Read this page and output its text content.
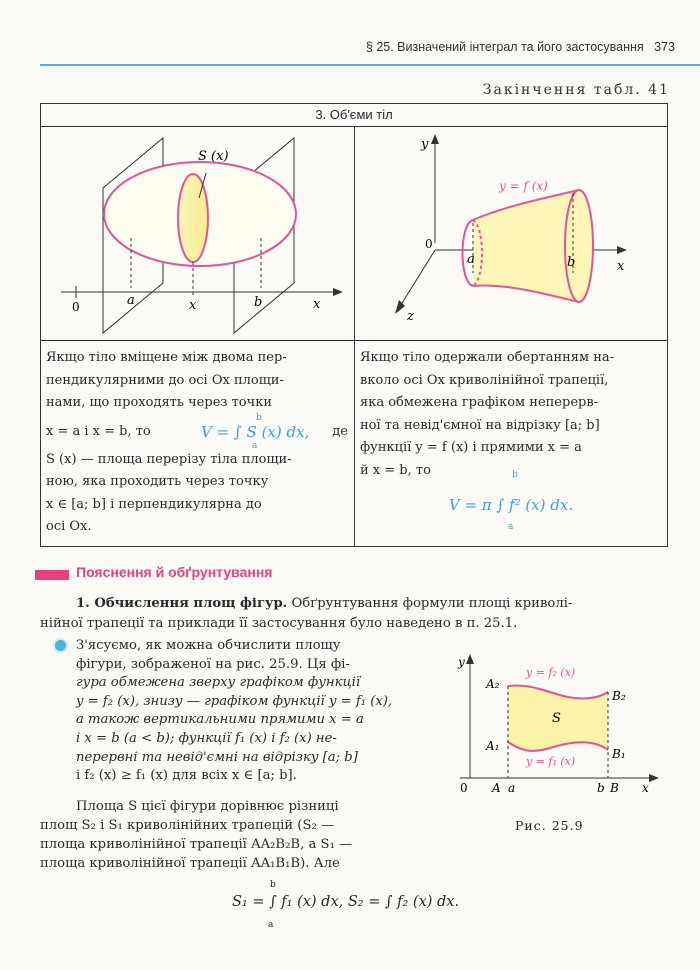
§ 25. Визначений інтеграл та його застосування 373
Закінчення табл. 41
3. Об'єми тіл
S (x)
0	a	x	b	x
y
y = f (x)
0
a	b	x
z
Якщо тіло вміщене між двома пер-
пендикулярними до осі Ox площи-
нами, що проходять через точки
x = a і x = b, то	V = ∫ S (x) dx,
b
a
де
S (x) — площа перерізу тіла площи-
ною, яка проходить через точку
x ∈ [a; b] і перпендикулярна до
осі Ox.
Якщо тіло одержали обертанням на-
вколо осі Ox криволінійної трапеції,
яка обмежена графіком неперерв-
ної та невід'ємної на відрізку [a; b]
функції y = f (x) і прямими x = a
й x = b, то
V = π ∫ f² (x) dx.
b
a
Пояснення й обґрунтування
1. Обчислення площ фігур. Обґрунтування формули площі криволі-
нійної трапеції та приклади її застосування було наведено в п. 25.1.
З'ясуємо, як можна обчислити площу
фігури, зображеної на рис. 25.9. Ця фі-
гура обмежена зверху графіком функції
y = f₂ (x), знизу — графіком функції y = f₁ (x),
а також вертикальними прямими x = a
і x = b (a < b); функції f₁ (x) і f₂ (x) не-
перервні та невід'ємні на відрізку [a; b]
і f₂ (x) ≥ f₁ (x) для всіх x ∈ [a; b].
Площа S цієї фігури дорівнює різниці
площ S₂ і S₁ криволінійних трапецій (S₂ —
площа криволінійної трапеції AA₂B₂B, а S₁ —
площа криволінійної трапеції AA₁B₁B). Але
S₁ = ∫ f₁ (x) dx, S₂ = ∫ f₂ (x) dx.
b
a
y
y = f₂ (x)
y = f₁ (x)
A₂
B₂
A₁
B₁
S
0 A a	b B x
Рис. 25.9
